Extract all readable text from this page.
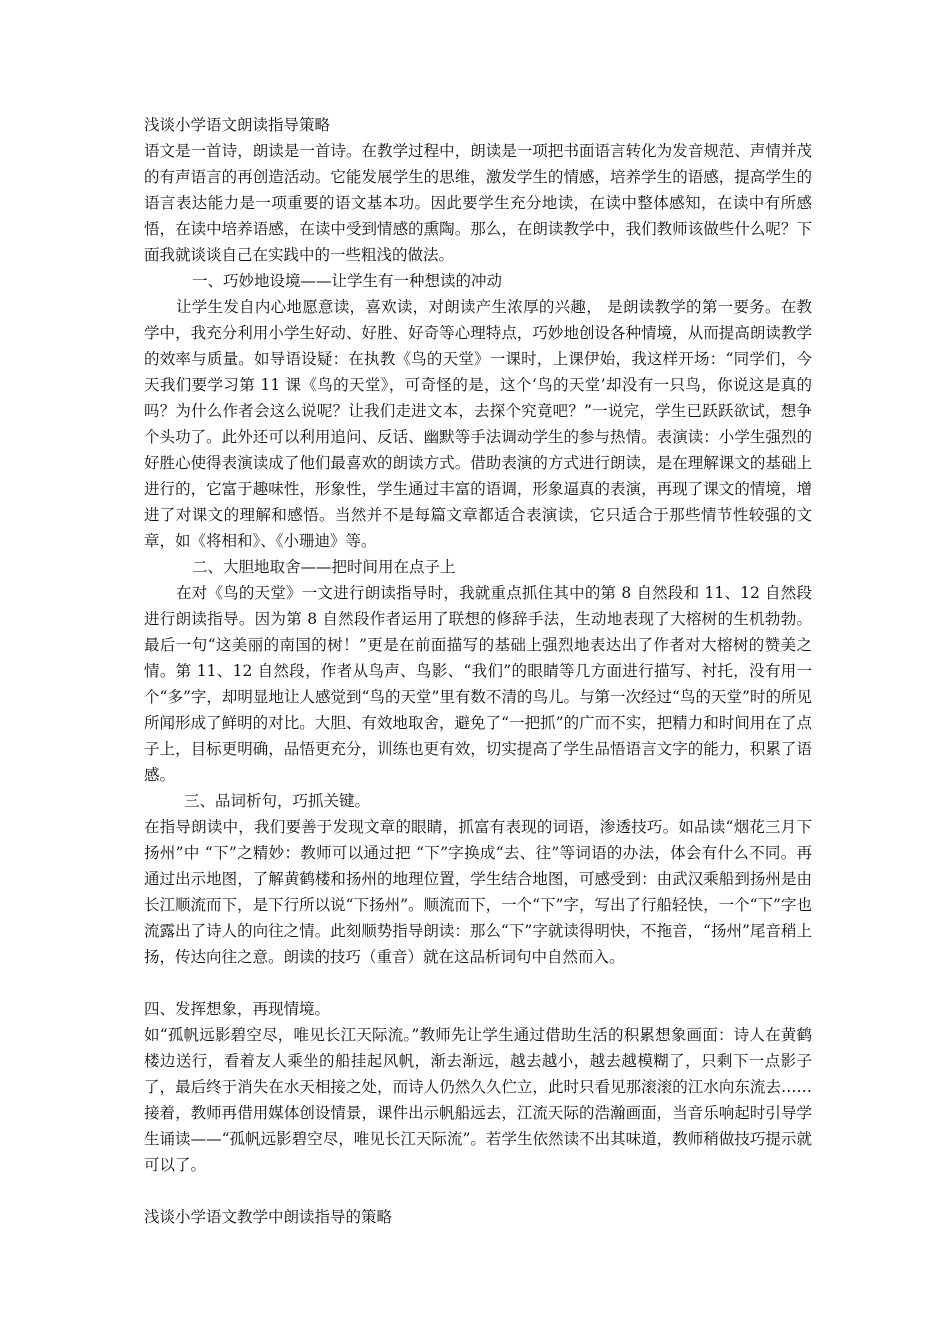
浅谈小学语文朗读指导策略

语文是一首诗，朗读是一首诗。在教学过程中，朗读是一项把书面语言转化为发音规范、声情并茂的有声语言的再创造活动。它能发展学生的思维，激发学生的情感，培养学生的语感，提高学生的语言表达能力是一项重要的语文基本功。因此要学生充分地读，在读中整体感知，在读中有所感悟，在读中培养语感，在读中受到情感的熏陶。那么，在朗读教学中，我们教师该做些什么呢？下面我就谈谈自己在实践中的一些粗浅的做法。

一、巧妙地设境——让学生有一种想读的冲动

让学生发自内心地愿意读，喜欢读，对朗读产生浓厚的兴趣， 是朗读教学的第一要务。在教学中，我充分利用小学生好动、好胜、好奇等心理特点，巧妙地创设各种情境，从而提高朗读教学的效率与质量。如导语设疑：在执教《鸟的天堂》一课时，上课伊始，我这样开场：“同学们，今天我们要学习第 11 课《鸟的天堂》，可奇怪的是，这个‘鸟的天堂’却没有一只鸟，你说这是真的吗？为什么作者会这么说呢？让我们走进文本，去探个究竟吧？”一说完，学生已跃跃欲试，想争个头功了。此外还可以利用追问、反话、幽默等手法调动学生的参与热情。表演读：小学生强烈的好胜心使得表演读成了他们最喜欢的朗读方式。借助表演的方式进行朗读，是在理解课文的基础上进行的，它富于趣味性，形象性，学生通过丰富的语调，形象逼真的表演，再现了课文的情境，增进了对课文的理解和感悟。当然并不是每篇文章都适合表演读，它只适合于那些情节性较强的文章，如《将相和》、《小珊迪》等。

二、大胆地取舍——把时间用在点子上

在对《鸟的天堂》一文进行朗读指导时，我就重点抓住其中的第 8 自然段和 11、12 自然段进行朗读指导。因为第 8 自然段作者运用了联想的修辞手法，生动地表现了大榕树的生机勃勃。最后一句“这美丽的南国的树！”更是在前面描写的基础上强烈地表达出了作者对大榕树的赞美之情。第 11、12 自然段，作者从鸟声、鸟影、“我们”的眼睛等几方面进行描写、衬托，没有用一个“多”字，却明显地让人感觉到“鸟的天堂”里有数不清的鸟儿。与第一次经过“鸟的天堂”时的所见所闻形成了鲜明的对比。大胆、有效地取舍，避免了“一把抓”的广而不实，把精力和时间用在了点子上，目标更明确，品悟更充分，训练也更有效，切实提高了学生品悟语言文字的能力，积累了语感。

三、品词析句，巧抓关键。

在指导朗读中，我们要善于发现文章的眼睛，抓富有表现的词语，渗透技巧。如品读“烟花三月下扬州”中 “下”之精妙：教师可以通过把 “下”字换成“去、往”等词语的办法，体会有什么不同。再通过出示地图，了解黄鹤楼和扬州的地理位置，学生结合地图，可感受到：由武汉乘船到扬州是由长江顺流而下，是下行所以说“下扬州”。顺流而下，一个“下”字，写出了行船轻快，一个“下”字也流露出了诗人的向往之情。此刻顺势指导朗读：那么“下”字就读得明快，不拖音，“扬州”尾音稍上扬，传达向往之意。朗读的技巧（重音）就在这品析词句中自然而入。

四、发挥想象，再现情境。

如“孤帆远影碧空尽，唯见长江天际流。”教师先让学生通过借助生活的积累想象画面：诗人在黄鹤楼边送行，看着友人乘坐的船挂起风帆，渐去渐远，越去越小，越去越模糊了，只剩下一点影子了，最后终于消失在水天相接之处，而诗人仍然久久伫立，此时只看见那滚滚的江水向东流去……接着，教师再借用媒体创设情景，课件出示帆船远去，江流天际的浩瀚画面，当音乐响起时引导学生诵读——“孤帆远影碧空尽，唯见长江天际流”。若学生依然读不出其味道，教师稍做技巧提示就可以了。

浅谈小学语文教学中朗读指导的策略
